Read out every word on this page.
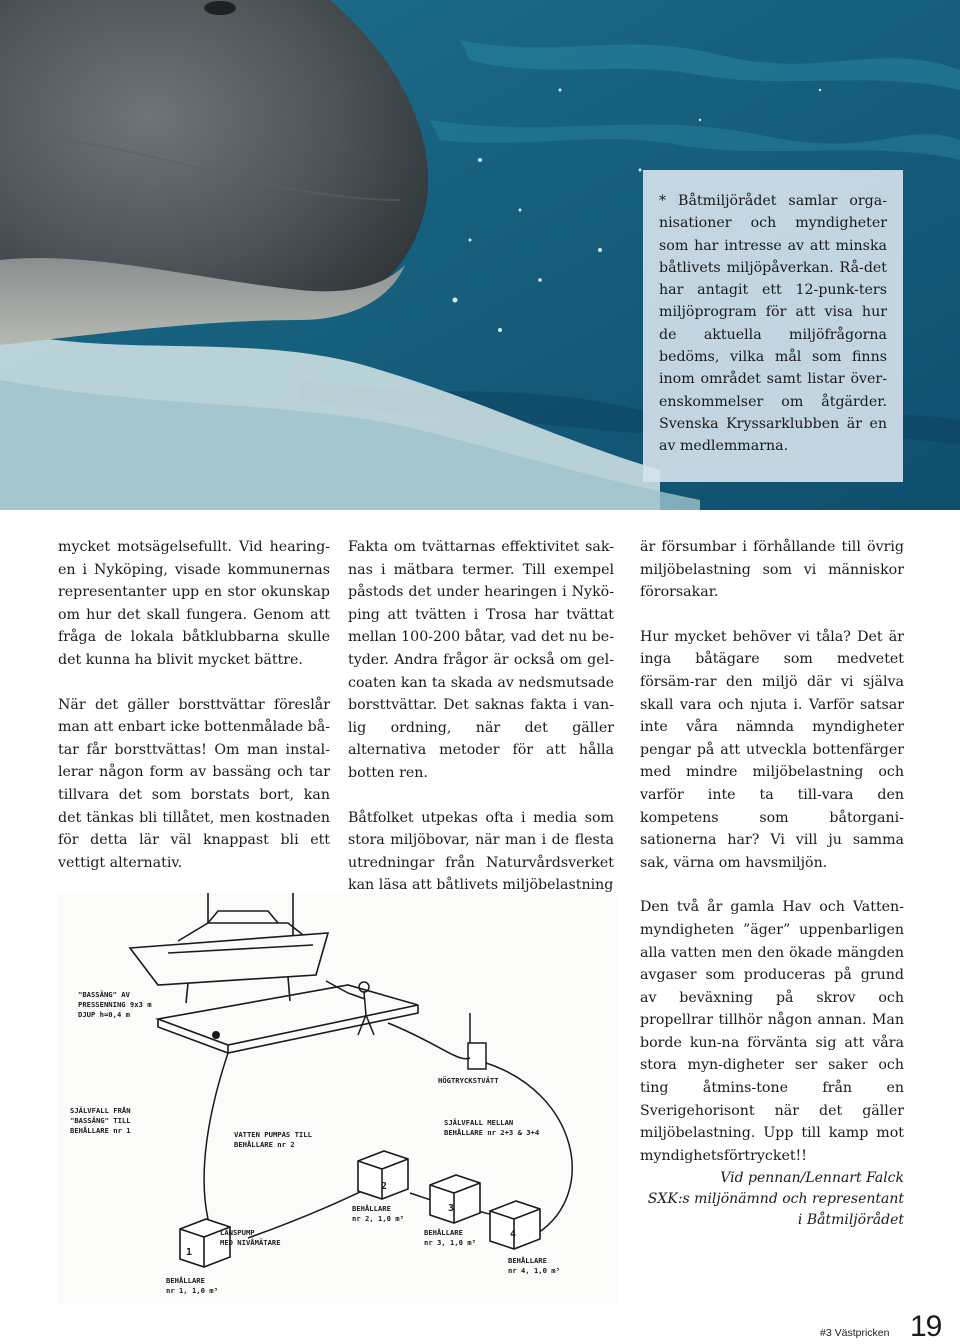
* Båtmiljörådet samlar orga-nisationer och myndigheter som har intresse av att minska båtlivets miljöpåverkan. Rå-det har antagit ett 12-punk-ters miljöprogram för att visa hur de aktuella miljöfrågorna bedöms, vilka mål som finns inom området samt listar över-enskommelser om åtgärder. Svenska Kryssarklubben är en av medlemmarna.

mycket motsägelsefullt. Vid hearing-en i Nyköping, visade kommunernas representanter upp en stor okunskap om hur det skall fungera. Genom att fråga de lokala båtklubbarna skulle det kunna ha blivit mycket bättre.

När det gäller borsttvättar föreslår man att enbart icke bottenmålade bå-tar får borsttvättas! Om man instal-lerar någon form av bassäng och tar tillvara det som borstats bort, kan det tänkas bli tillåtet, men kostnaden för detta lär väl knappast bli ett vettigt alternativ.

Fakta om tvättarnas effektivitet sak-nas i mätbara termer. Till exempel påstods det under hearingen i Nykö-ping att tvätten i Trosa har tvättat mellan 100-200 båtar, vad det nu be-tyder. Andra frågor är också om gel-coaten kan ta skada av nedsmutsade borsttvättar. Det saknas fakta i van-lig ordning, när det gäller alternativa metoder för att hålla botten ren.

Båtfolket utpekas ofta i media som stora miljöbovar, när man i de flesta utredningar från Naturvårdsverket kan läsa att båtlivets miljöbelastning

är försumbar i förhållande till övrig miljöbelastning som vi människor förorsakar.

Hur mycket behöver vi tåla? Det är inga båtägare som medvetet försäm-rar den miljö där vi själva skall vara och njuta i. Varför satsar inte våra nämnda myndigheter pengar på att utveckla bottenfärger med mindre miljöbelastning och varför inte ta till-vara den kompetens som båtorgani-sationerna har? Vi vill ju samma sak, värna om havsmiljön.

Den två år gamla Hav och Vatten-myndigheten ”äger” uppenbarligen alla vatten men den ökade mängden avgaser som produceras på grund av beväxning på skrov och propellrar tillhör någon annan. Man borde kun-na förvänta sig att våra stora myn-digheter ser saker och ting åtmins-tone från en Sverigehorisont när det gäller miljöbelastning. Upp till kamp mot myndighetsförtrycket!!

HÖGTRYCKSTVÄTT
1
2
3
4
"BASSÄNG" AV
PRESSENNING 9x3 m
DJUP h=0,4 m
SJÄLVFALL FRÅN
"BASSÄNG" TILL
BEHÅLLARE nr 1	VATTEN PUMPAS TILL
BEHÅLLARE nr 2
SJÄLVFALL MELLAN
BEHÅLLARE nr 2+3 & 3+4
LÄNSPUMP
MED NIVÅMÄTARE
BEHÅLLARE
nr 1, 1,0 m³
BEHÅLLARE
nr 2, 1,0 m³
BEHÅLLARE
nr 3, 1,0 m³
BEHÅLLARE
nr 4, 1,0 m³
Vid pennan/Lennart Falck
SXK:s miljönämnd och representant
i Båtmiljörådet
#3 Västpricken 19
